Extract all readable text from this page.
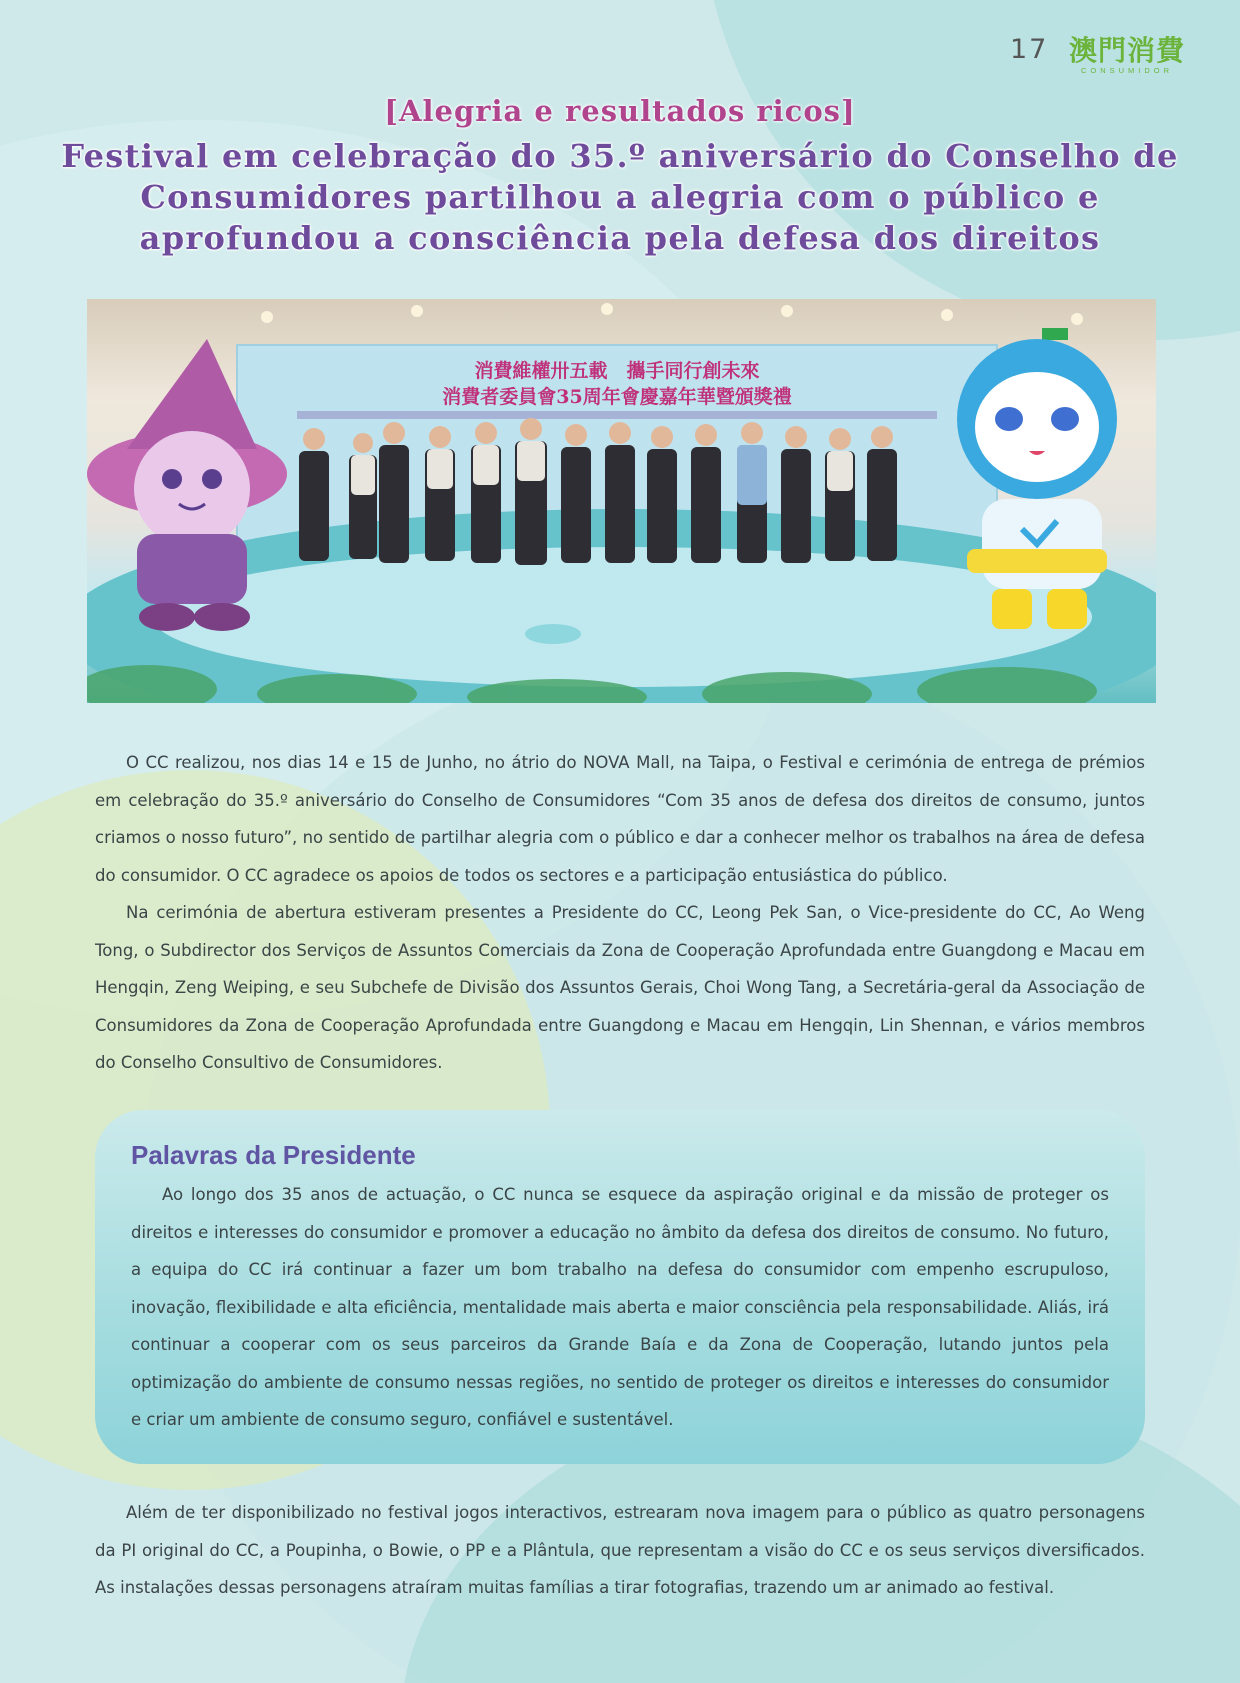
17 澳門消費
CONSUMIDOR
[Alegria e resultados ricos]
Festival em celebração do 35.º aniversário do Conselho de Consumidores partilhou a alegria com o público e aprofundou a consciência pela defesa dos direitos
消費維權卅五載　攜手同行創未來
消費者委員會35周年會慶嘉年華暨頒獎禮

O CC realizou, nos dias 14 e 15 de Junho, no átrio do NOVA Mall, na Taipa, o Festival e cerimónia de entrega de prémios em celebração do 35.º aniversário do Conselho de Consumidores “Com 35 anos de defesa dos direitos de consumo, juntos criamos o nosso futuro”, no sentido de partilhar alegria com o público e dar a conhecer melhor os trabalhos na área de defesa do consumidor. O CC agradece os apoios de todos os sectores e a participação entusiástica do público.

Na cerimónia de abertura estiveram presentes a Presidente do CC, Leong Pek San, o Vice-presidente do CC, Ao Weng Tong, o Subdirector dos Serviços de Assuntos Comerciais da Zona de Cooperação Aprofundada entre Guangdong e Macau em Hengqin, Zeng Weiping, e seu Subchefe de Divisão dos Assuntos Gerais, Choi Wong Tang, a Secretária-geral da Associação de Consumidores da Zona de Cooperação Aprofundada entre Guangdong e Macau em Hengqin, Lin Shennan, e vários membros do Conselho Consultivo de Consumidores.

Palavras da Presidente

Ao longo dos 35 anos de actuação, o CC nunca se esquece da aspiração original e da missão de proteger os direitos e interesses do consumidor e promover a educação no âmbito da defesa dos direitos de consumo. No futuro, a equipa do CC irá continuar a fazer um bom trabalho na defesa do consumidor com empenho escrupuloso, inovação, flexibilidade e alta eficiência, mentalidade mais aberta e maior consciência pela responsabilidade. Aliás, irá continuar a cooperar com os seus parceiros da Grande Baía e da Zona de Cooperação, lutando juntos pela optimização do ambiente de consumo nessas regiões, no sentido de proteger os direitos e interesses do consumidor e criar um ambiente de consumo seguro, confiável e sustentável.

Além de ter disponibilizado no festival jogos interactivos, estrearam nova imagem para o público as quatro personagens da PI original do CC, a Poupinha, o Bowie, o PP e a Plântula, que representam a visão do CC e os seus serviços diversificados. As instalações dessas personagens atraíram muitas famílias a tirar fotografias, trazendo um ar animado ao festival.
